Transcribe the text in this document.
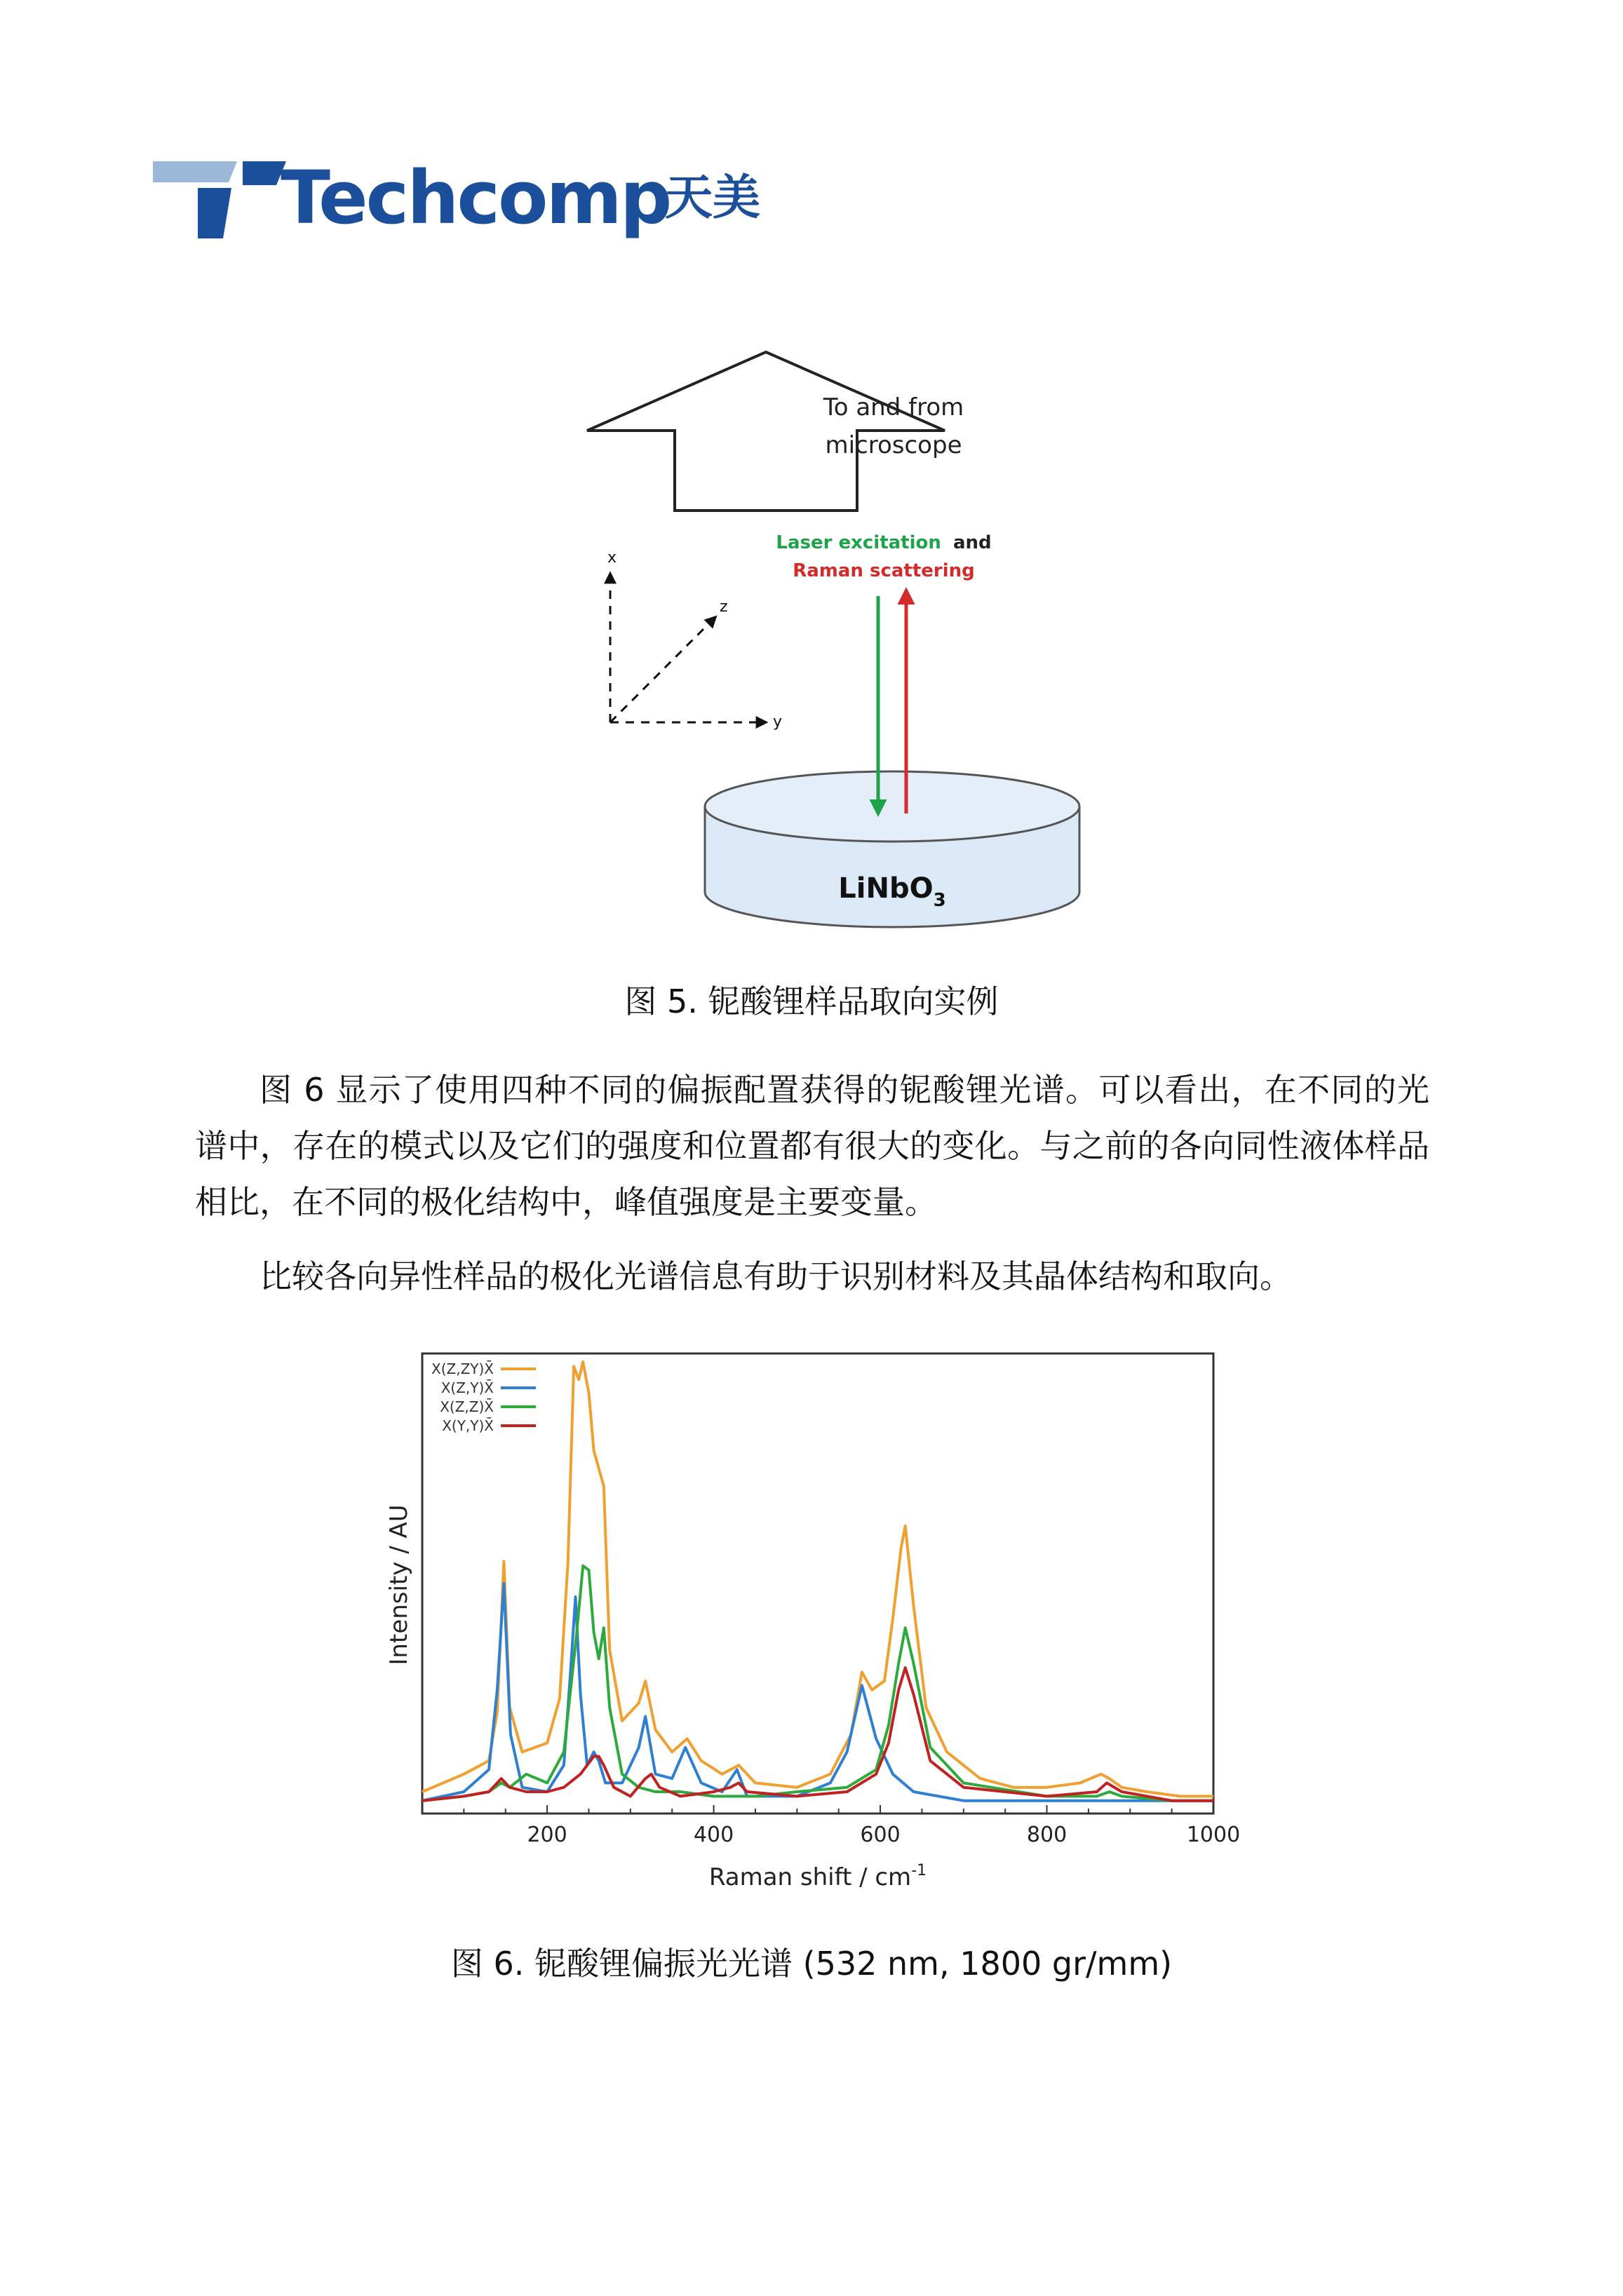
Techcomp
天美
To and from
microscope
Laser excitation and
Raman scattering
x
y
z
LiNbO$_3$
图 5. 铌酸锂样品取向实例
图 6 显示了使用四种不同的偏振配置获得的铌酸锂光谱。可以看出，在不同的光谱中，存在的模式以及它们的强度和位置都有很大的变化。与之前的各向同性液体样品相比，在不同的极化结构中，峰值强度是主要变量。
比较各向异性样品的极化光谱信息有助于识别材料及其晶体结构和取向。
200	400	600	800	1000
X(Z,ZY)X̄
X(Z,Y)X̄
X(Z,Z)X̄
X(Y,Y)X̄
Intensity / AU
Raman shift / $cm^{-1}$
图 6. 铌酸锂偏振光光谱 (532 nm, 1800 gr/mm)
